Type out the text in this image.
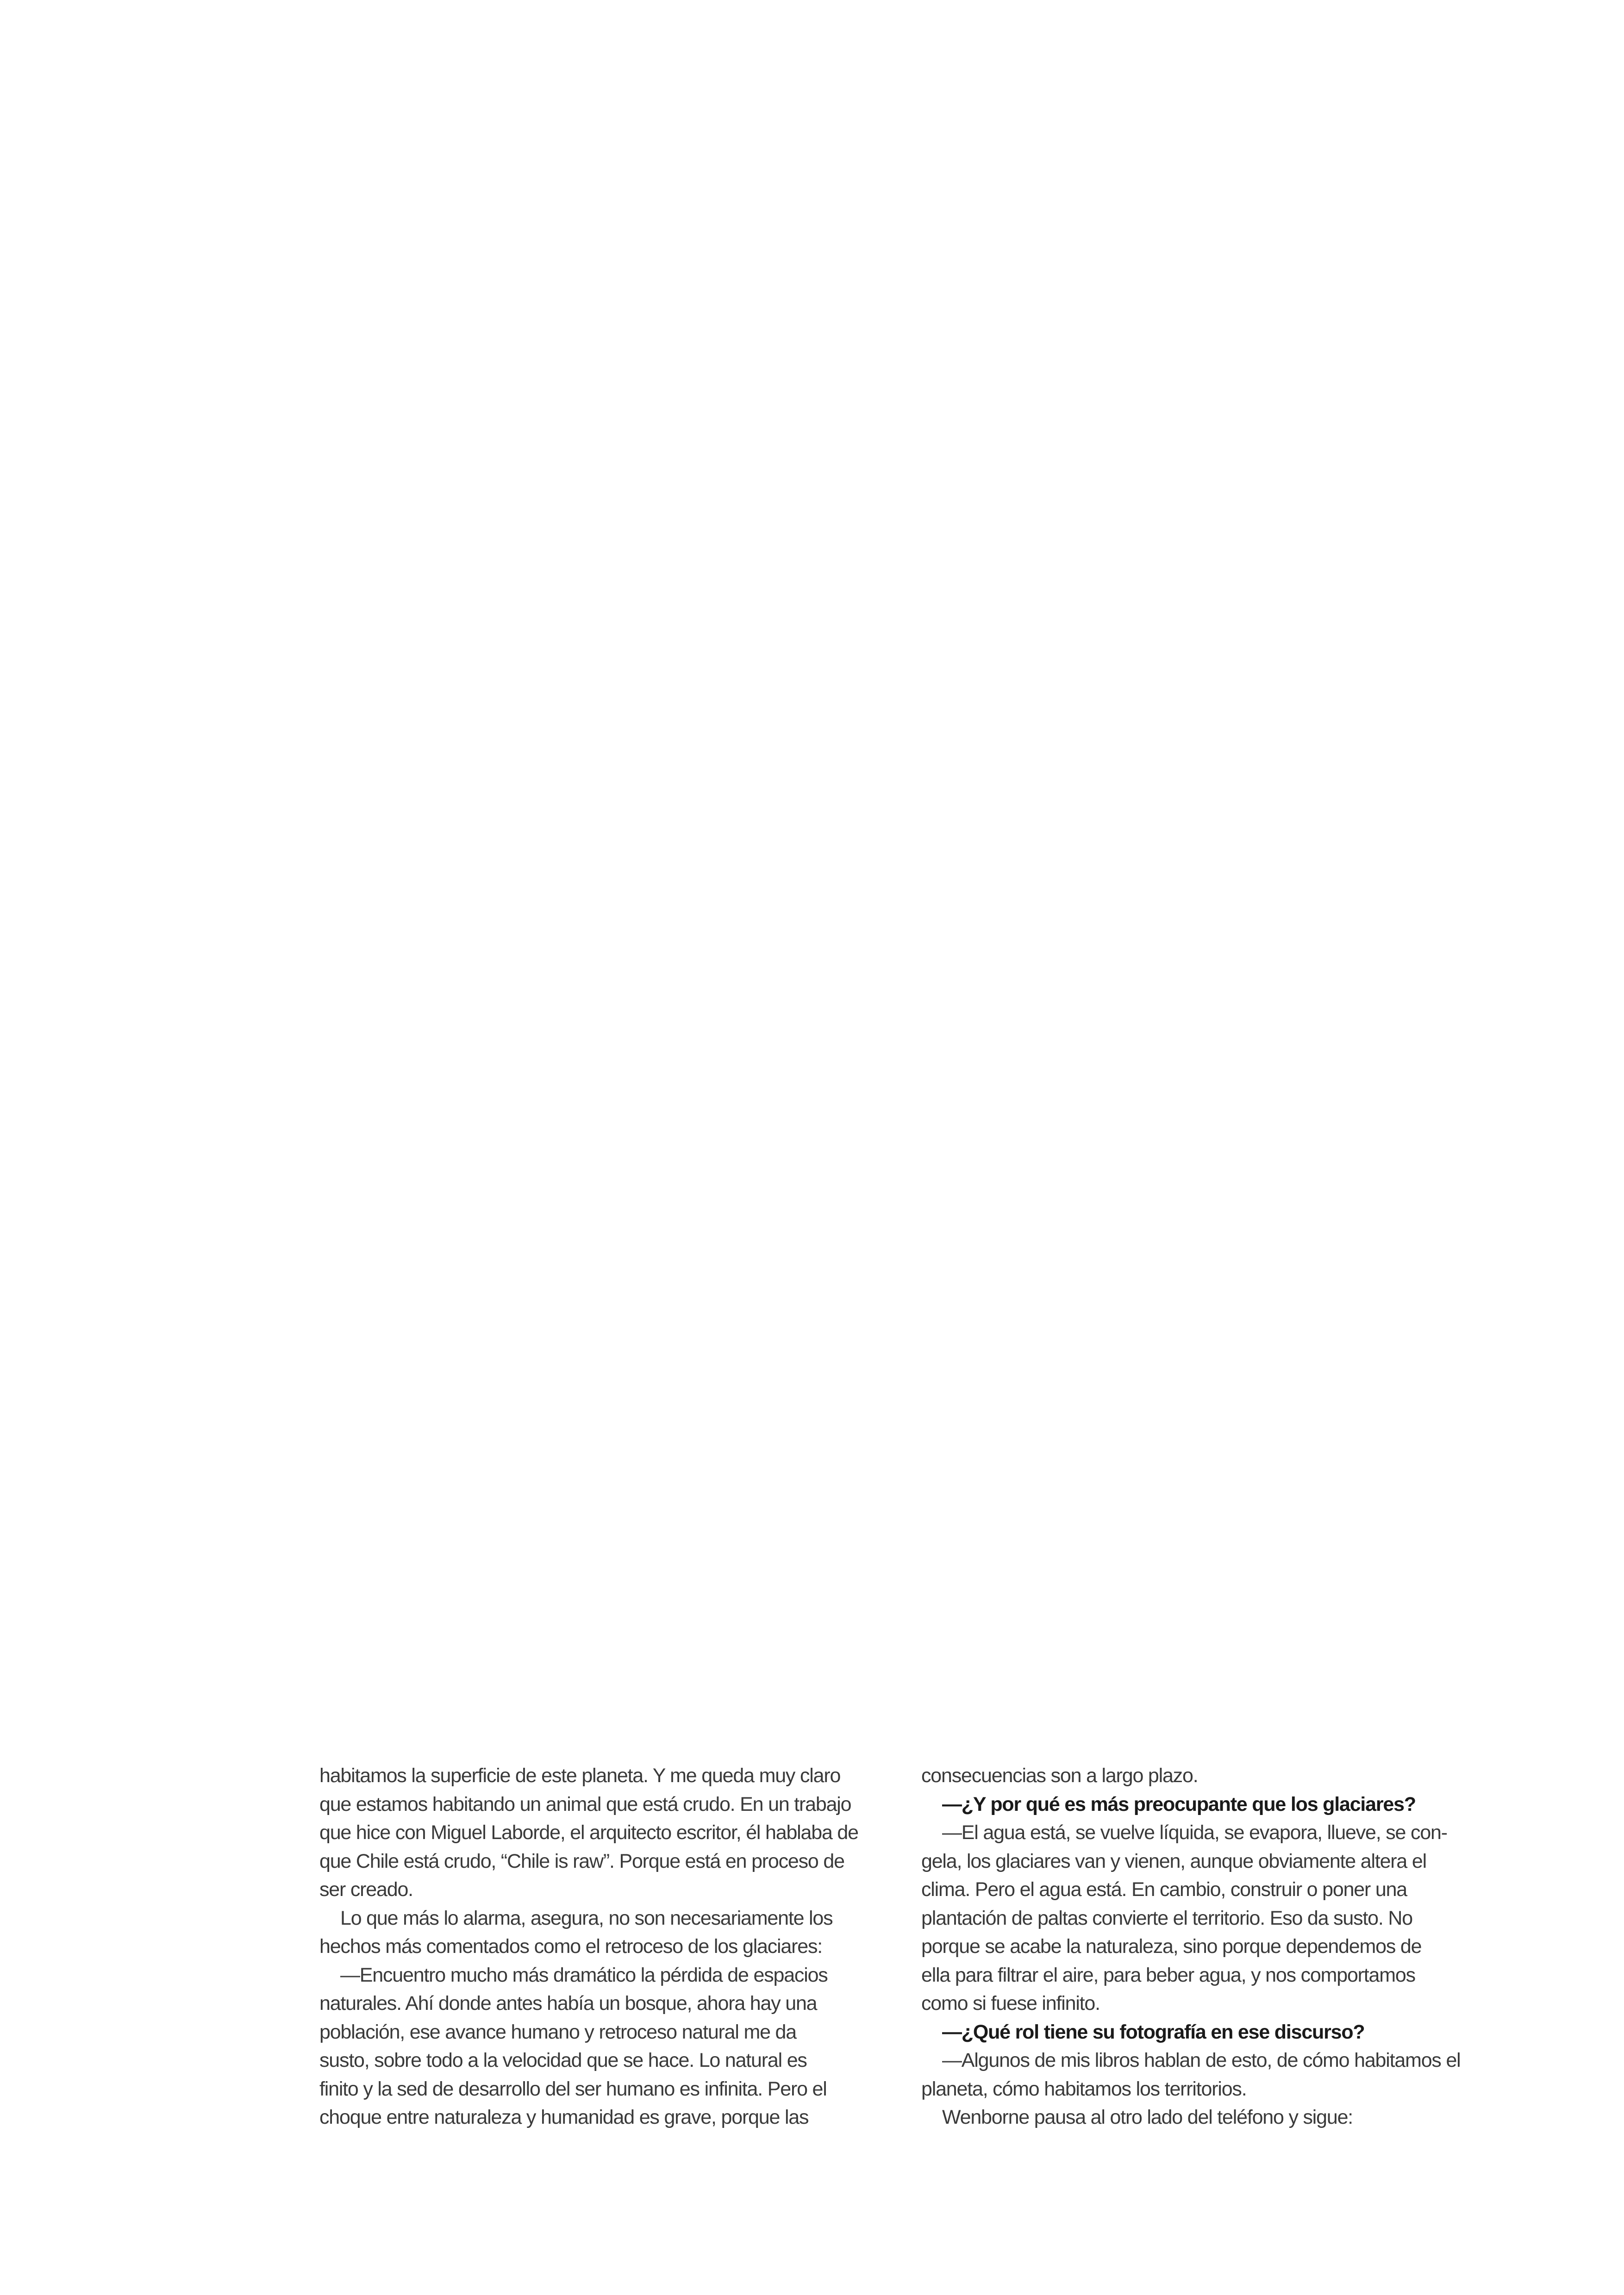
habitamos la superficie de este planeta. Y me queda muy claro
que estamos habitando un animal que está crudo. En un trabajo
que hice con Miguel Laborde, el arquitecto escritor, él hablaba de
que Chile está crudo, “Chile is raw”. Porque está en proceso de
ser creado.

Lo que más lo alarma, asegura, no son necesariamente los
hechos más comentados como el retroceso de los glaciares:

—Encuentro mucho más dramático la pérdida de espacios
naturales. Ahí donde antes había un bosque, ahora hay una
población, ese avance humano y retroceso natural me da
susto, sobre todo a la velocidad que se hace. Lo natural es
finito y la sed de desarrollo del ser humano es infinita. Pero el
choque entre naturaleza y humanidad es grave, porque las

consecuencias son a largo plazo.

—¿Y por qué es más preocupante que los glaciares?

—El agua está, se vuelve líquida, se evapora, llueve, se con-
gela, los glaciares van y vienen, aunque obviamente altera el
clima. Pero el agua está. En cambio, construir o poner una
plantación de paltas convierte el territorio. Eso da susto. No
porque se acabe la naturaleza, sino porque dependemos de
ella para filtrar el aire, para beber agua, y nos comportamos
como si fuese infinito.

—¿Qué rol tiene su fotografía en ese discurso?

—Algunos de mis libros hablan de esto, de cómo habitamos el
planeta, cómo habitamos los territorios.

Wenborne pausa al otro lado del teléfono y sigue:
